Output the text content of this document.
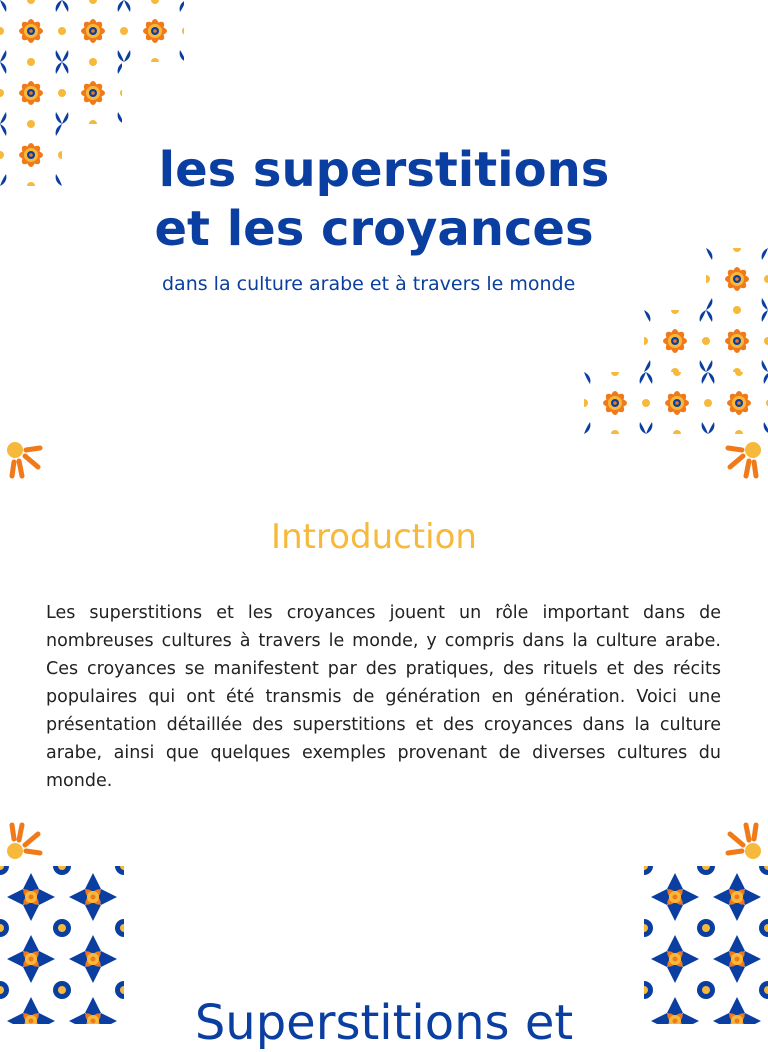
les superstitions
et les croyances

dans la culture arabe et à travers le monde

Introduction

Les superstitions et les croyances jouent un rôle important dans de nombreuses cultures à travers le monde, y compris dans la culture arabe. Ces croyances se manifestent par des pratiques, des rituels et des récits populaires qui ont été transmis de génération en génération. Voici une présentation détaillée des superstitions et des croyances dans la culture arabe, ainsi que quelques exemples provenant de diverses cultures du monde.

Superstitions et
